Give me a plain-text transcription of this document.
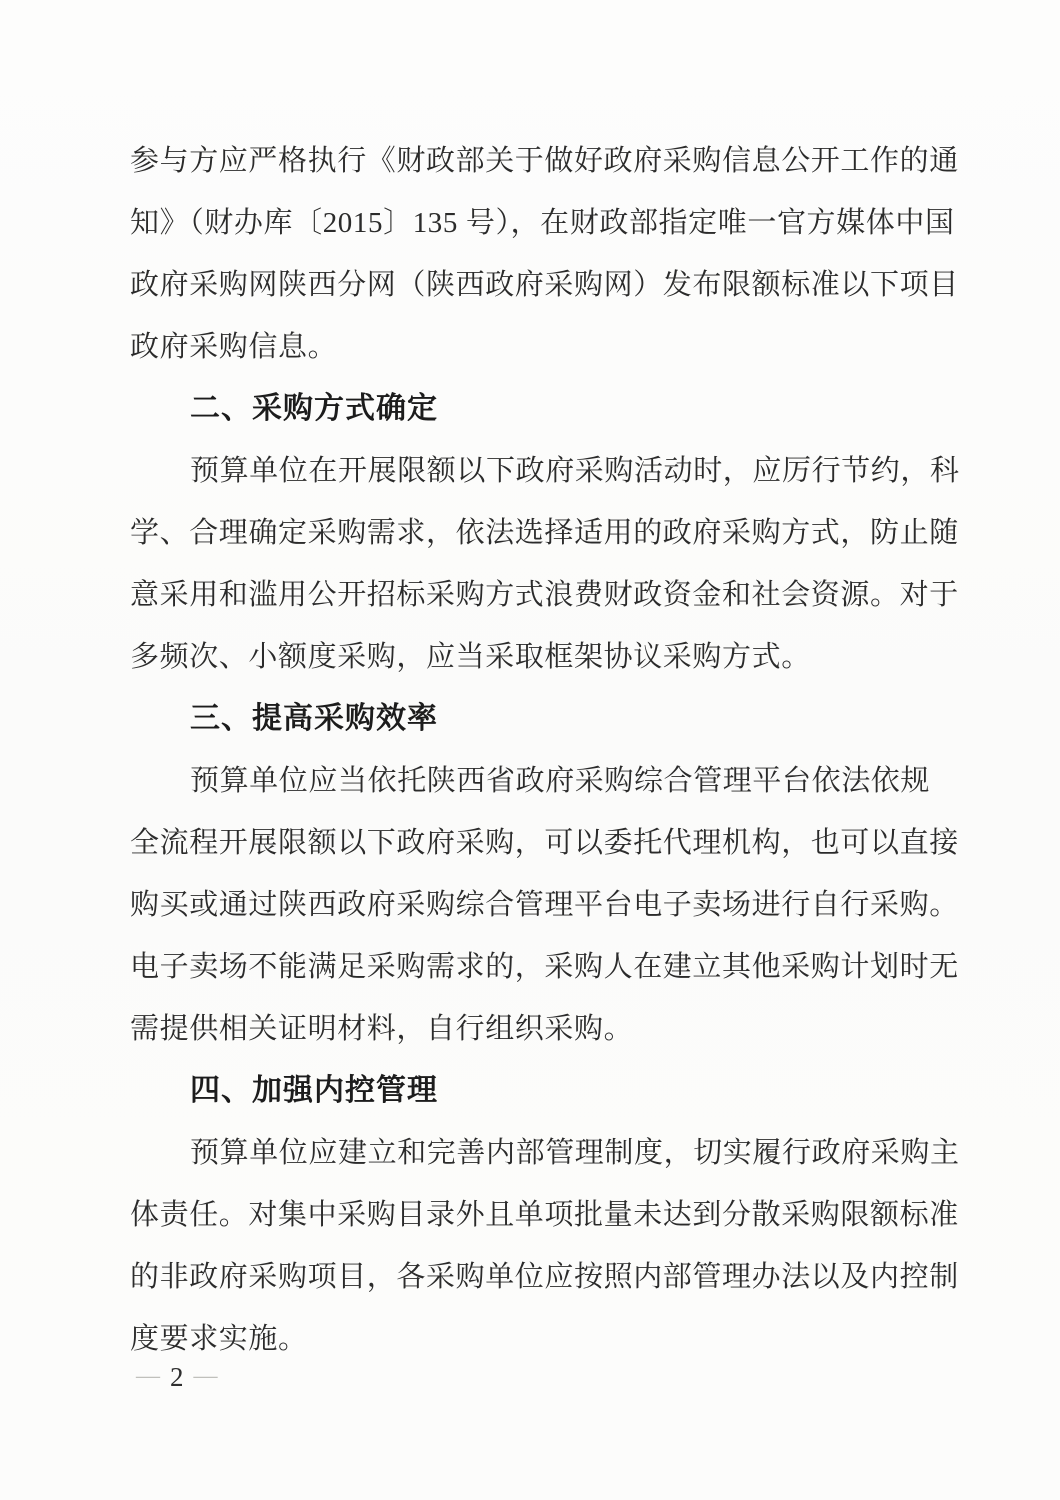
参与方应严格执行《财政部关于做好政府采购信息公开工作的通
知》（财办库〔2015〕135 号），在财政部指定唯一官方媒体中国
政府采购网陕西分网（陕西政府采购网）发布限额标准以下项目
政府采购信息。
二、采购方式确定
预算单位在开展限额以下政府采购活动时，应厉行节约，科
学、合理确定采购需求，依法选择适用的政府采购方式，防止随
意采用和滥用公开招标采购方式浪费财政资金和社会资源。对于
多频次、小额度采购，应当采取框架协议采购方式。
三、提高采购效率
预算单位应当依托陕西省政府采购综合管理平台依法依规
全流程开展限额以下政府采购，可以委托代理机构，也可以直接
购买或通过陕西政府采购综合管理平台电子卖场进行自行采购。
电子卖场不能满足采购需求的，采购人在建立其他采购计划时无
需提供相关证明材料，自行组织采购。
四、加强内控管理
预算单位应建立和完善内部管理制度，切实履行政府采购主
体责任。对集中采购目录外且单项批量未达到分散采购限额标准
的非政府采购项目，各采购单位应按照内部管理办法以及内控制
度要求实施。
— 2 —
